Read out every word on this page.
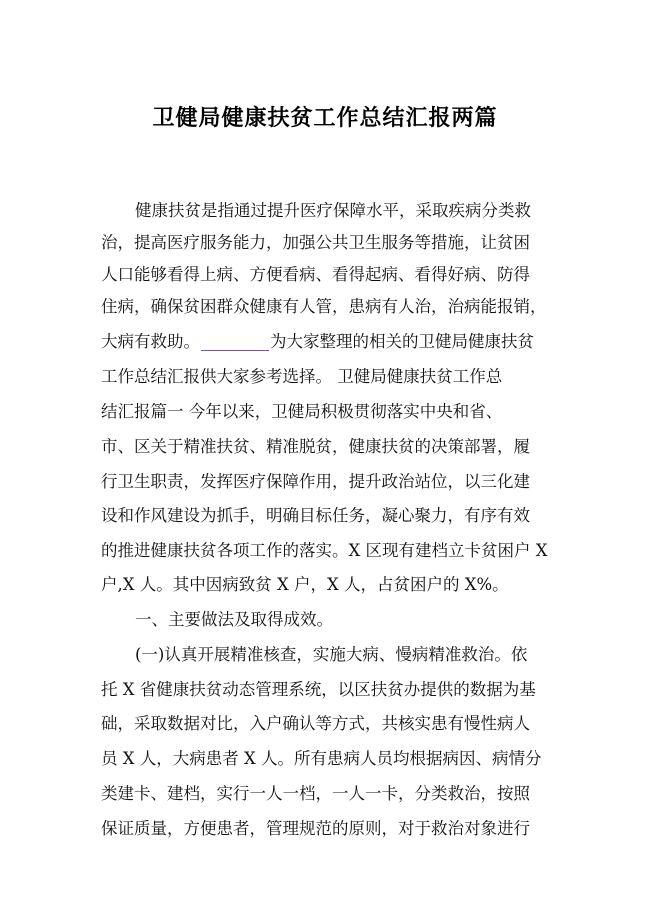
卫健局健康扶贫工作总结汇报两篇
健康扶贫是指通过提升医疗保障水平，采取疾病分类救
治，提高医疗服务能力，加强公共卫生服务等措施，让贫困
人口能够看得上病、方便看病、看得起病、看得好病、防得
住病，确保贫困群众健康有人管，患病有人治，治病能报销，
大病有救助。	为大家整理的相关的卫健局健康扶贫
工作总结汇报供大家参考选择。 卫健局健康扶贫工作总
结汇报篇一 今年以来，卫健局积极贯彻落实中央和省、
市、区关于精准扶贫、精准脱贫，健康扶贫的决策部署，履
行卫生职责，发挥医疗保障作用，提升政治站位，以三化建
设和作风建设为抓手，明确目标任务，凝心聚力，有序有效
的推进健康扶贫各项工作的落实。X 区现有建档立卡贫困户 X
户,X 人。其中因病致贫 X 户，X 人，占贫困户的 X%。
一、主要做法及取得成效。
(一)认真开展精准核查，实施大病、慢病精准救治。依
托 X 省健康扶贫动态管理系统，以区扶贫办提供的数据为基
础，采取数据对比，入户确认等方式，共核实患有慢性病人
员 X 人，大病患者 X 人。所有患病人员均根据病因、病情分
类建卡、建档，实行一人一档，一人一卡，分类救治，按照
保证质量，方便患者，管理规范的原则，对于救治对象进行
